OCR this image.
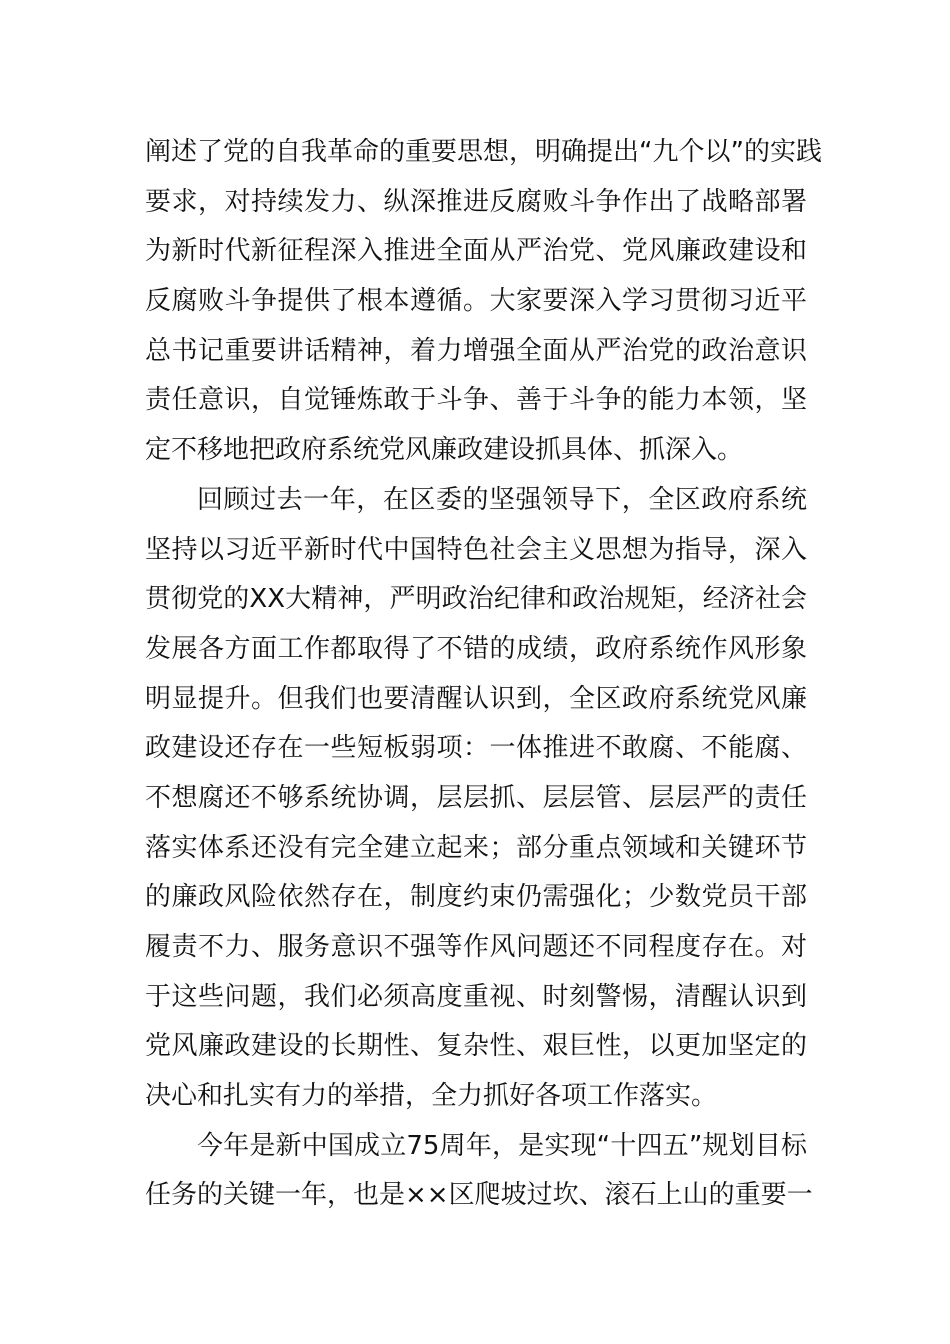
阐述了党的自我革命的重要思想，明确提出“九个以”的实践
要求，对持续发力、纵深推进反腐败斗争作出了战略部署
为新时代新征程深入推进全面从严治党、党风廉政建设和
反腐败斗争提供了根本遵循。大家要深入学习贯彻习近平
总书记重要讲话精神，着力增强全面从严治党的政治意识
责任意识，自觉锤炼敢于斗争、善于斗争的能力本领，坚
定不移地把政府系统党风廉政建设抓具体、抓深入。
回顾过去一年，在区委的坚强领导下，全区政府系统
坚持以习近平新时代中国特色社会主义思想为指导，深入
贯彻党的XX大精神，严明政治纪律和政治规矩，经济社会
发展各方面工作都取得了不错的成绩，政府系统作风形象
明显提升。但我们也要清醒认识到，全区政府系统党风廉
政建设还存在一些短板弱项：一体推进不敢腐、不能腐、
不想腐还不够系统协调，层层抓、层层管、层层严的责任
落实体系还没有完全建立起来；部分重点领域和关键环节
的廉政风险依然存在，制度约束仍需强化；少数党员干部
履责不力、服务意识不强等作风问题还不同程度存在。对
于这些问题，我们必须高度重视、时刻警惕，清醒认识到
党风廉政建设的长期性、复杂性、艰巨性，以更加坚定的
决心和扎实有力的举措，全力抓好各项工作落实。
今年是新中国成立75周年，是实现“十四五”规划目标
任务的关键一年，也是××区爬坡过坎、滚石上山的重要一
